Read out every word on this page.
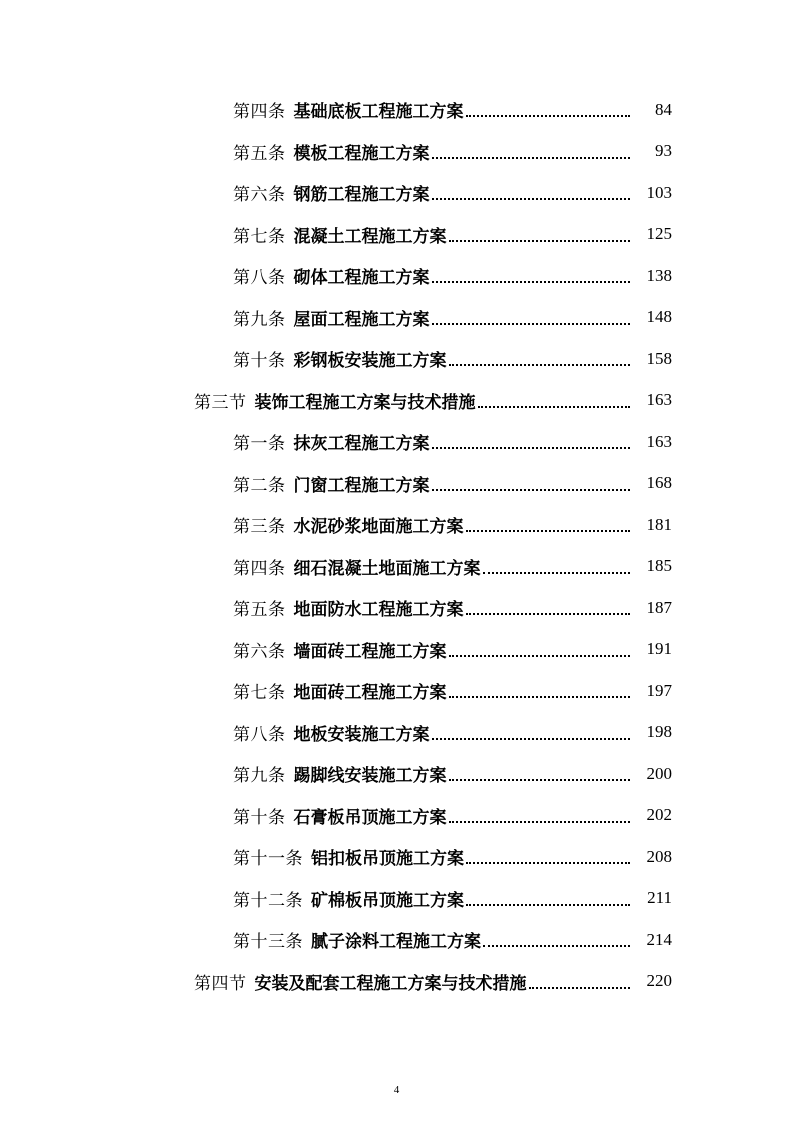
第四条 基础底板工程施工方案	84
第五条 模板工程施工方案	93
第六条 钢筋工程施工方案	103
第七条 混凝土工程施工方案	125
第八条 砌体工程施工方案	138
第九条 屋面工程施工方案	148
第十条 彩钢板安装施工方案	158
第三节 装饰工程施工方案与技术措施	163
第一条 抹灰工程施工方案	163
第二条 门窗工程施工方案	168
第三条 水泥砂浆地面施工方案	181
第四条 细石混凝土地面施工方案	185
第五条 地面防水工程施工方案	187
第六条 墙面砖工程施工方案	191
第七条 地面砖工程施工方案	197
第八条 地板安装施工方案	198
第九条 踢脚线安装施工方案	200
第十条 石膏板吊顶施工方案	202
第十一条 铝扣板吊顶施工方案	208
第十二条 矿棉板吊顶施工方案	211
第十三条 腻子涂料工程施工方案	214
第四节 安装及配套工程施工方案与技术措施	220
4
